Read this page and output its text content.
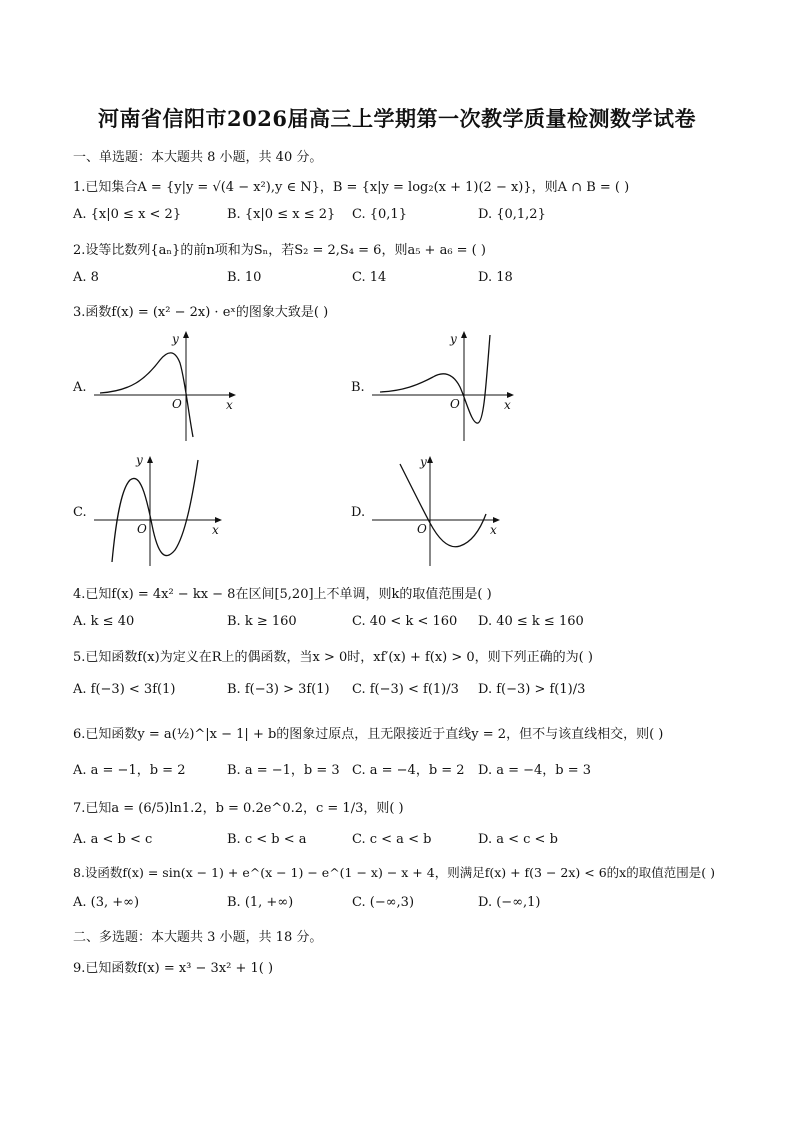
河南省信阳市2026届高三上学期第一次教学质量检测数学试卷
一、单选题：本大题共 8 小题，共 40 分。
1.已知集合A = {y|y = √(4 − x²),y ∈ N}，B = {x|y = log₂(x + 1)(2 − x)}，则A ∩ B = ( )
A. {x|0 ≤ x < 2}	B. {x|0 ≤ x ≤ 2} C. {0,1}	D. {0,1,2}
2.设等比数列{aₙ}的前n项和为Sₙ，若S₂ = 2,S₄ = 6，则a₅ + a₆ = ( )
A. 8	B. 10	C. 14	D. 18
3.函数f(x) = (x² − 2x) · eˣ的图象大致是( )
A.
y
x
O
B.
y
x
O
C.
y
x
O
D.
y
x
O
4.已知f(x) = 4x² − kx − 8在区间[5,20]上不单调，则k的取值范围是( )
A. k ≤ 40	B. k ≥ 160	C. 40 < k < 160 D. 40 ≤ k ≤ 160
5.已知函数f(x)为定义在R上的偶函数，当x > 0时，xf′(x) + f(x) > 0，则下列正确的为( )
A. f(−3) < 3f(1)	B. f(−3) > 3f(1) C. f(−3) < f(1)/3 D. f(−3) > f(1)/3
6.已知函数y = a(½)^|x − 1| + b的图象过原点，且无限接近于直线y = 2，但不与该直线相交，则( )
A. a = −1，b = 2	B. a = −1，b = 3 C. a = −4，b = 2 D. a = −4，b = 3
7.已知a = (6/5)ln1.2，b = 0.2e^0.2，c = 1/3，则( )
A. a < b < c	B. c < b < a	C. c < a < b	D. a < c < b
8.设函数f(x) = sin(x − 1) + e^(x − 1) − e^(1 − x) − x + 4，则满足f(x) + f(3 − 2x) < 6的x的取值范围是( )
A. (3, +∞)	B. (1, +∞)	C. (−∞,3)	D. (−∞,1)
二、多选题：本大题共 3 小题，共 18 分。
9.已知函数f(x) = x³ − 3x² + 1( )
